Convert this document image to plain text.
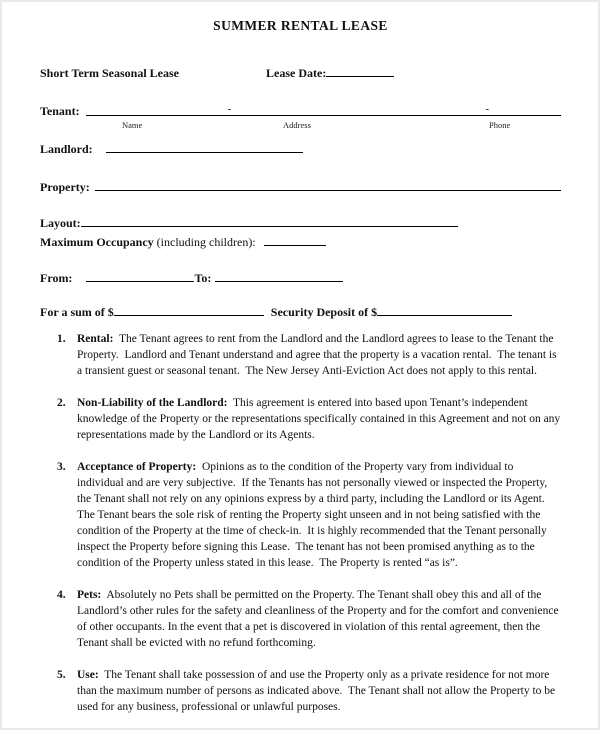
SUMMER RENTAL LEASE
Short Term Seasonal Lease	Lease Date:
Tenant:	-	-
Name	Address	Phone
Landlord:
Property:
Layout:
Maximum Occupancy (including children):
From:	To:
For a sum of $	Security Deposit of $
1. Rental:  The Tenant agrees to rent from the Landlord and the Landlord agrees to lease to the Tenant the Property.  Landlord and Tenant understand and agree that the property is a vacation rental.  The tenant is a transient guest or seasonal tenant.  The New Jersey Anti-Eviction Act does not apply to this rental.
2. Non-Liability of the Landlord:  This agreement is entered into based upon Tenant’s independent knowledge of the Property or the representations specifically contained in this Agreement and not on any representations made by the Landlord or its Agents.
3. Acceptance of Property:  Opinions as to the condition of the Property vary from individual to individual and are very subjective.  If the Tenants has not personally viewed or inspected the Property, the Tenant shall not rely on any opinions express by a third party, including the Landlord or its Agent.  The Tenant bears the sole risk of renting the Property sight unseen and in not being satisfied with the condition of the Property at the time of check-in.  It is highly recommended that the Tenant personally inspect the Property before signing this Lease.  The tenant has not been promised anything as to the condition of the Property unless stated in this lease.  The Property is rented “as is”.
4. Pets:  Absolutely no Pets shall be permitted on the Property. The Tenant shall obey this and all of the Landlord’s other rules for the safety and cleanliness of the Property and for the comfort and convenience of other occupants. In the event that a pet is discovered in violation of this rental agreement, then the Tenant shall be evicted with no refund forthcoming.
5. Use:  The Tenant shall take possession of and use the Property only as a private residence for not more than the maximum number of persons as indicated above.  The Tenant shall not allow the Property to be used for any business, professional or unlawful purposes.
